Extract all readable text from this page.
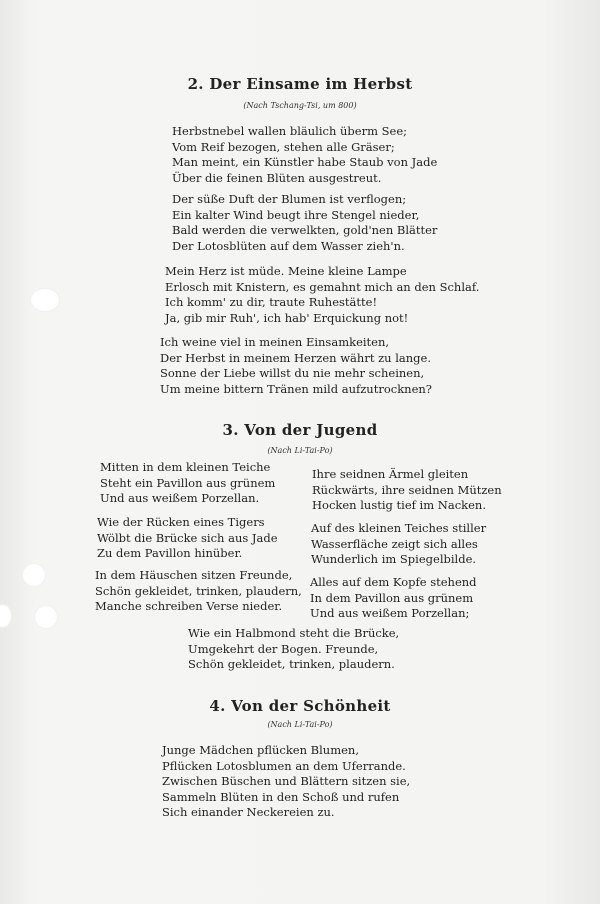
2. Der Einsame im Herbst
(Nach Tschang-Tsi, um 800)
Herbstnebel wallen bläulich überm See;
Vom Reif bezogen, stehen alle Gräser;
Man meint, ein Künstler habe Staub von Jade
Über die feinen Blüten ausgestreut.
Der süße Duft der Blumen ist verflogen;
Ein kalter Wind beugt ihre Stengel nieder,
Bald werden die verwelkten, gold'nen Blätter
Der Lotosblüten auf dem Wasser zieh'n.
Mein Herz ist müde. Meine kleine Lampe
Erlosch mit Knistern, es gemahnt mich an den Schlaf.
Ich komm' zu dir, traute Ruhestätte!
Ja, gib mir Ruh', ich hab' Erquickung not!
Ich weine viel in meinen Einsamkeiten,
Der Herbst in meinem Herzen währt zu lange.
Sonne der Liebe willst du nie mehr scheinen,
Um meine bittern Tränen mild aufzutrocknen?
3. Von der Jugend
(Nach Li-Tai-Po)
Mitten in dem kleinen Teiche
Steht ein Pavillon aus grünem
Und aus weißem Porzellan.
Wie der Rücken eines Tigers
Wölbt die Brücke sich aus Jade
Zu dem Pavillon hinüber.
In dem Häuschen sitzen Freunde,
Schön gekleidet, trinken, plaudern,
Manche schreiben Verse nieder.
Ihre seidnen Ärmel gleiten
Rückwärts, ihre seidnen Mützen
Hocken lustig tief im Nacken.
Auf des kleinen Teiches stiller
Wasserfläche zeigt sich alles
Wunderlich im Spiegelbilde.
Alles auf dem Kopfe stehend
In dem Pavillon aus grünem
Und aus weißem Porzellan;
Wie ein Halbmond steht die Brücke,
Umgekehrt der Bogen. Freunde,
Schön gekleidet, trinken, plaudern.
4. Von der Schönheit
(Nach Li-Tai-Po)
Junge Mädchen pflücken Blumen,
Pflücken Lotosblumen an dem Uferrande.
Zwischen Büschen und Blättern sitzen sie,
Sammeln Blüten in den Schoß und rufen
Sich einander Neckereien zu.
